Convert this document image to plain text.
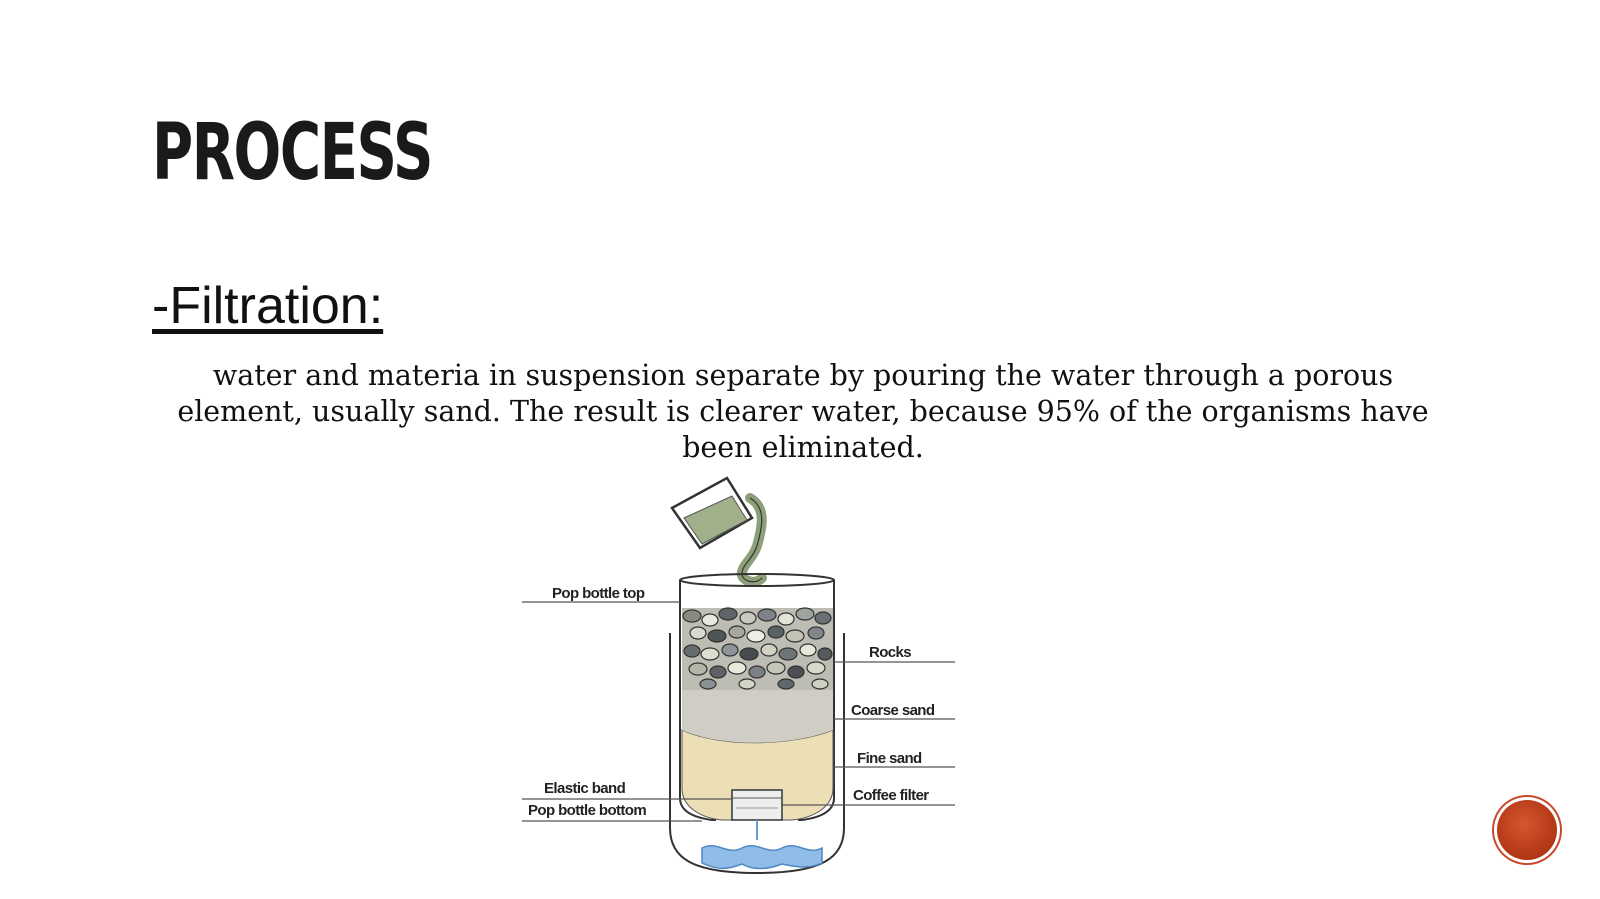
PROCESS
-Filtration:

water and materia in suspension separate by pouring the water through a porous element, usually sand. The result is clearer water, because 95% of the organisms have been eliminated.

Pop bottle top
Rocks
Coarse sand
Fine sand
Elastic band	Coffee filter
Pop bottle bottom
